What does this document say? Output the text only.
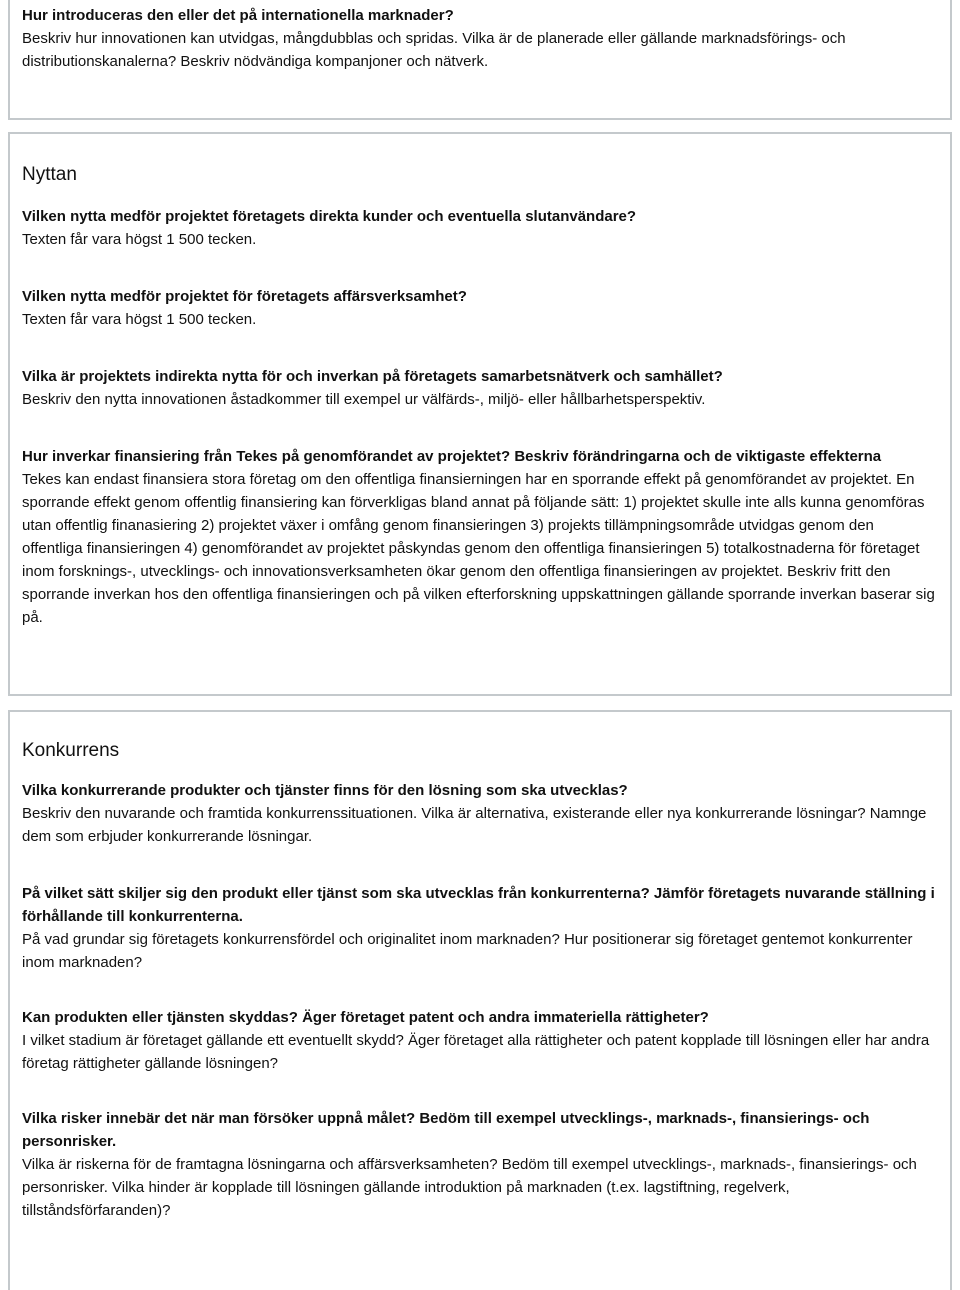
Hur introduceras den eller det på internationella marknader?

Beskriv hur innovationen kan utvidgas, mångdubblas och spridas. Vilka är de planerade eller gällande marknadsförings- och distributionskanalerna? Beskriv nödvändiga kompanjoner och nätverk.

Nyttan

Vilken nytta medför projektet företagets direkta kunder och eventuella slutanvändare?

Texten får vara högst 1 500 tecken.

Vilken nytta medför projektet för företagets affärsverksamhet?

Texten får vara högst 1 500 tecken.

Vilka är projektets indirekta nytta för och inverkan på företagets samarbetsnätverk och samhället?

Beskriv den nytta innovationen åstadkommer till exempel ur välfärds-, miljö- eller hållbarhetsperspektiv.

Hur inverkar finansiering från Tekes på genomförandet av projektet? Beskriv förändringarna och de viktigaste effekterna

Tekes kan endast finansiera stora företag om den offentliga finansierningen har en sporrande effekt på genomförandet av projektet. En sporrande effekt genom offentlig finansiering kan förverkligas bland annat på följande sätt: 1) projektet skulle inte alls kunna genomföras utan offentlig finanasiering 2) projektet växer i omfång genom finansieringen 3) projekts tillämpningsområde utvidgas genom den offentliga finansieringen 4) genomförandet av projektet påskyndas genom den offentliga finansieringen 5) totalkostnaderna för företaget inom forsknings-, utvecklings- och innovationsverksamheten ökar genom den offentliga finansieringen av projektet. Beskriv fritt den sporrande inverkan hos den offentliga finansieringen och på vilken efterforskning uppskattningen gällande sporrande inverkan baserar sig på.

Konkurrens

Vilka konkurrerande produkter och tjänster finns för den lösning som ska utvecklas?

Beskriv den nuvarande och framtida konkurrenssituationen. Vilka är alternativa, existerande eller nya konkurrerande lösningar? Namnge dem som erbjuder konkurrerande lösningar.

På vilket sätt skiljer sig den produkt eller tjänst som ska utvecklas från konkurrenterna? Jämför företagets nuvarande ställning i förhållande till konkurrenterna.

På vad grundar sig företagets konkurrensfördel och originalitet inom marknaden? Hur positionerar sig företaget gentemot konkurrenter inom marknaden?

Kan produkten eller tjänsten skyddas? Äger företaget patent och andra immateriella rättigheter?

I vilket stadium är företaget gällande ett eventuellt skydd? Äger företaget alla rättigheter och patent kopplade till lösningen eller har andra företag rättigheter gällande lösningen?

Vilka risker innebär det när man försöker uppnå målet? Bedöm till exempel utvecklings-, marknads-, finansierings- och personrisker.

Vilka är riskerna för de framtagna lösningarna och affärsverksamheten? Bedöm till exempel utvecklings-, marknads-, finansierings- och personrisker. Vilka hinder är kopplade till lösningen gällande introduktion på marknaden (t.ex. lagstiftning, regelverk, tillståndsförfaranden)?
